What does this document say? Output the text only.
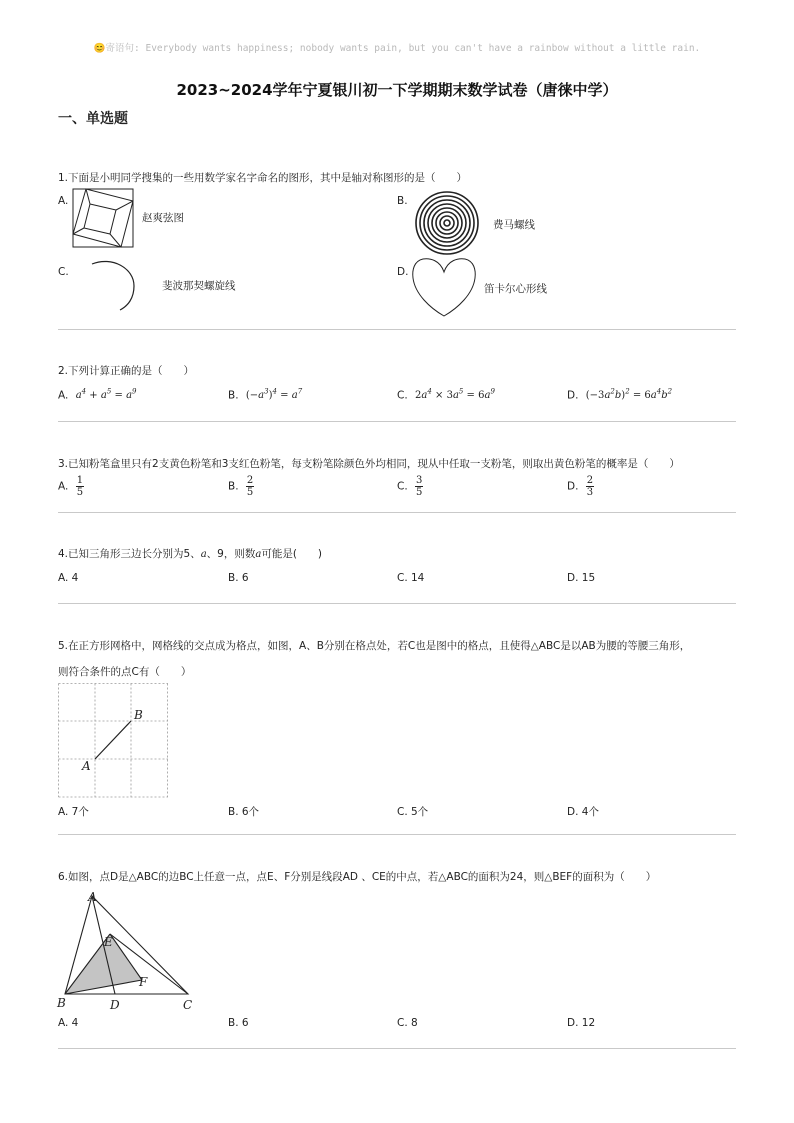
😊寄语句: Everybody wants happiness; nobody wants pain, but you can't have a rainbow without a little rain.
2023~2024学年宁夏银川初一下学期期末数学试卷（唐徕中学）
一、单选题
1.下面是小明同学搜集的一些用数学家名字命名的图形，其中是轴对称图形的是（　　）
A.
赵爽弦图
B.
费马螺线
C.
斐波那契螺旋线
D.
笛卡尔心形线
2.下列计算正确的是（　　）
A. $a^4 + a^5 = a^9$	B. $(-a^3)^4 = a^7$	C. $2a^4 \times 3a^5 = 6a^9$	D. $(-3a^2b)^2 = 6a^4b^2$
3.已知粉笔盒里只有2支黄色粉笔和3支红色粉笔，每支粉笔除颜色外均相同，现从中任取一支粉笔，则取出黄色粉笔的概率是（　　）
A. $\frac{1}{5}$	B. $\frac{2}{5}$	C. $\frac{3}{5}$	D. $\frac{2}{3}$
4.已知三角形三边长分别为5、a、9，则数a可能是(　　)
A. 4	B. 6	C. 14	D. 15
5.在正方形网格中，网格线的交点成为格点，如图，A、B分别在格点处，若C也是图中的格点，且使得△ABC是以AB为腰的等腰三角形，
则符合条件的点C有（　　）
B
A
A. 7个	B. 6个	C. 5个	D. 4个
6.如图，点D是△ABC的边BC上任意一点，点E、F分别是线段AD 、CE的中点，若△ABC的面积为24，则△BEF的面积为（　　）
A
E
F
B	D	C
A. 4	B. 6	C. 8	D. 12
